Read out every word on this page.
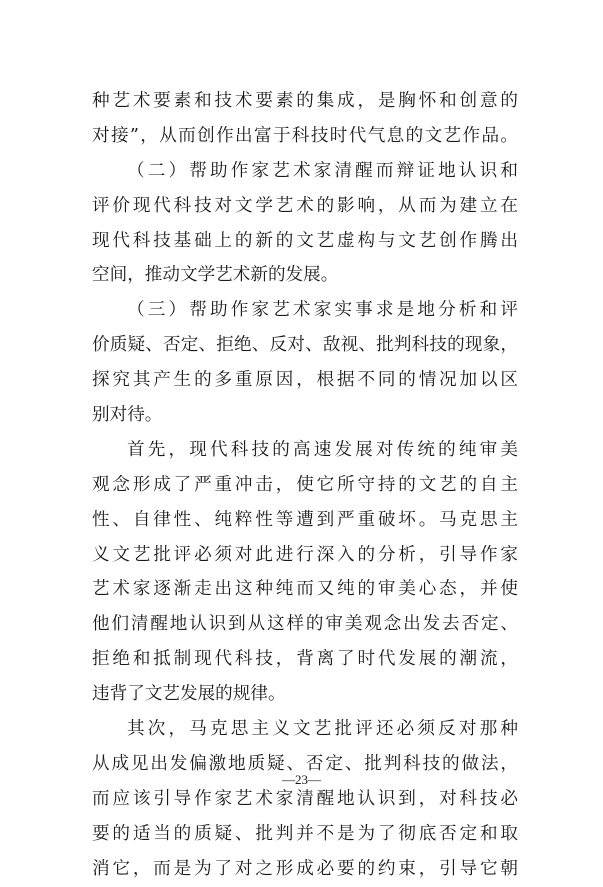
种艺术要素和技术要素的集成，是胸怀和创意的
对接”，从而创作出富于科技时代气息的文艺作品。
（二）帮助作家艺术家清醒而辩证地认识和
评价现代科技对文学艺术的影响，从而为建立在
现代科技基础上的新的文艺虚构与文艺创作腾出
空间，推动文学艺术新的发展。
（三）帮助作家艺术家实事求是地分析和评
价质疑、否定、拒绝、反对、敌视、批判科技的现象，
探究其产生的多重原因，根据不同的情况加以区
别对待。
首先，现代科技的高速发展对传统的纯审美
观念形成了严重冲击，使它所守持的文艺的自主
性、自律性、纯粹性等遭到严重破坏。马克思主
义文艺批评必须对此进行深入的分析，引导作家
艺术家逐渐走出这种纯而又纯的审美心态，并使
他们清醒地认识到从这样的审美观念出发去否定、
拒绝和抵制现代科技，背离了时代发展的潮流，
违背了文艺发展的规律。
其次，马克思主义文艺批评还必须反对那种
从成见出发偏激地质疑、否定、批判科技的做法，
而应该引导作家艺术家清醒地认识到，对科技必
要的适当的质疑、批判并不是为了彻底否定和取
消它，而是为了对之形成必要的约束，引导它朝
—23—
